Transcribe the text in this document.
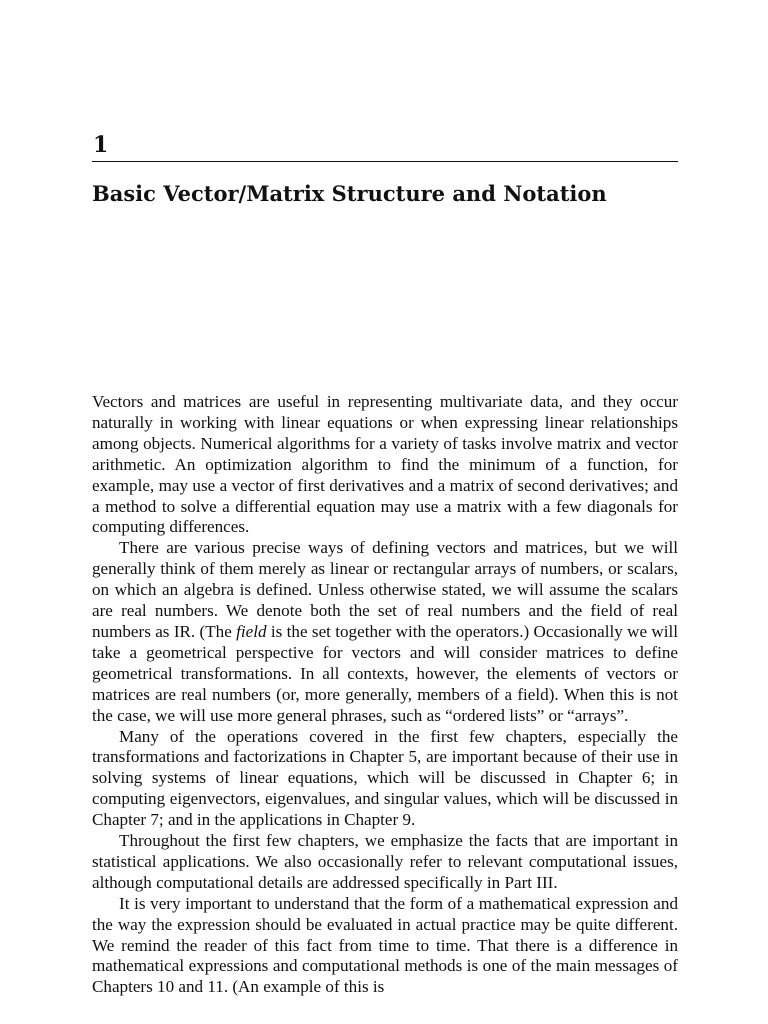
1
Basic Vector/Matrix Structure and Notation

Vectors and matrices are useful in representing multivariate data, and they occur naturally in working with linear equations or when expressing linear relationships among objects. Numerical algorithms for a variety of tasks involve matrix and vector arithmetic. An optimization algorithm to find the minimum of a function, for example, may use a vector of first derivatives and a matrix of second derivatives; and a method to solve a differential equation may use a matrix with a few diagonals for computing differences.

There are various precise ways of defining vectors and matrices, but we will generally think of them merely as linear or rectangular arrays of numbers, or scalars, on which an algebra is defined. Unless otherwise stated, we will assume the scalars are real numbers. We denote both the set of real numbers and the field of real numbers as IR. (The field is the set together with the operators.) Occasionally we will take a geometrical perspective for vectors and will consider matrices to define geometrical transformations. In all contexts, however, the elements of vectors or matrices are real numbers (or, more generally, members of a field). When this is not the case, we will use more general phrases, such as “ordered lists” or “arrays”.

Many of the operations covered in the first few chapters, especially the transformations and factorizations in Chapter 5, are important because of their use in solving systems of linear equations, which will be discussed in Chapter 6; in computing eigenvectors, eigenvalues, and singular values, which will be discussed in Chapter 7; and in the applications in Chapter 9.

Throughout the first few chapters, we emphasize the facts that are important in statistical applications. We also occasionally refer to relevant computational issues, although computational details are addressed specifically in Part III.

It is very important to understand that the form of a mathematical expression and the way the expression should be evaluated in actual practice may be quite different. We remind the reader of this fact from time to time. That there is a difference in mathematical expressions and computational methods is one of the main messages of Chapters 10 and 11. (An example of this is
